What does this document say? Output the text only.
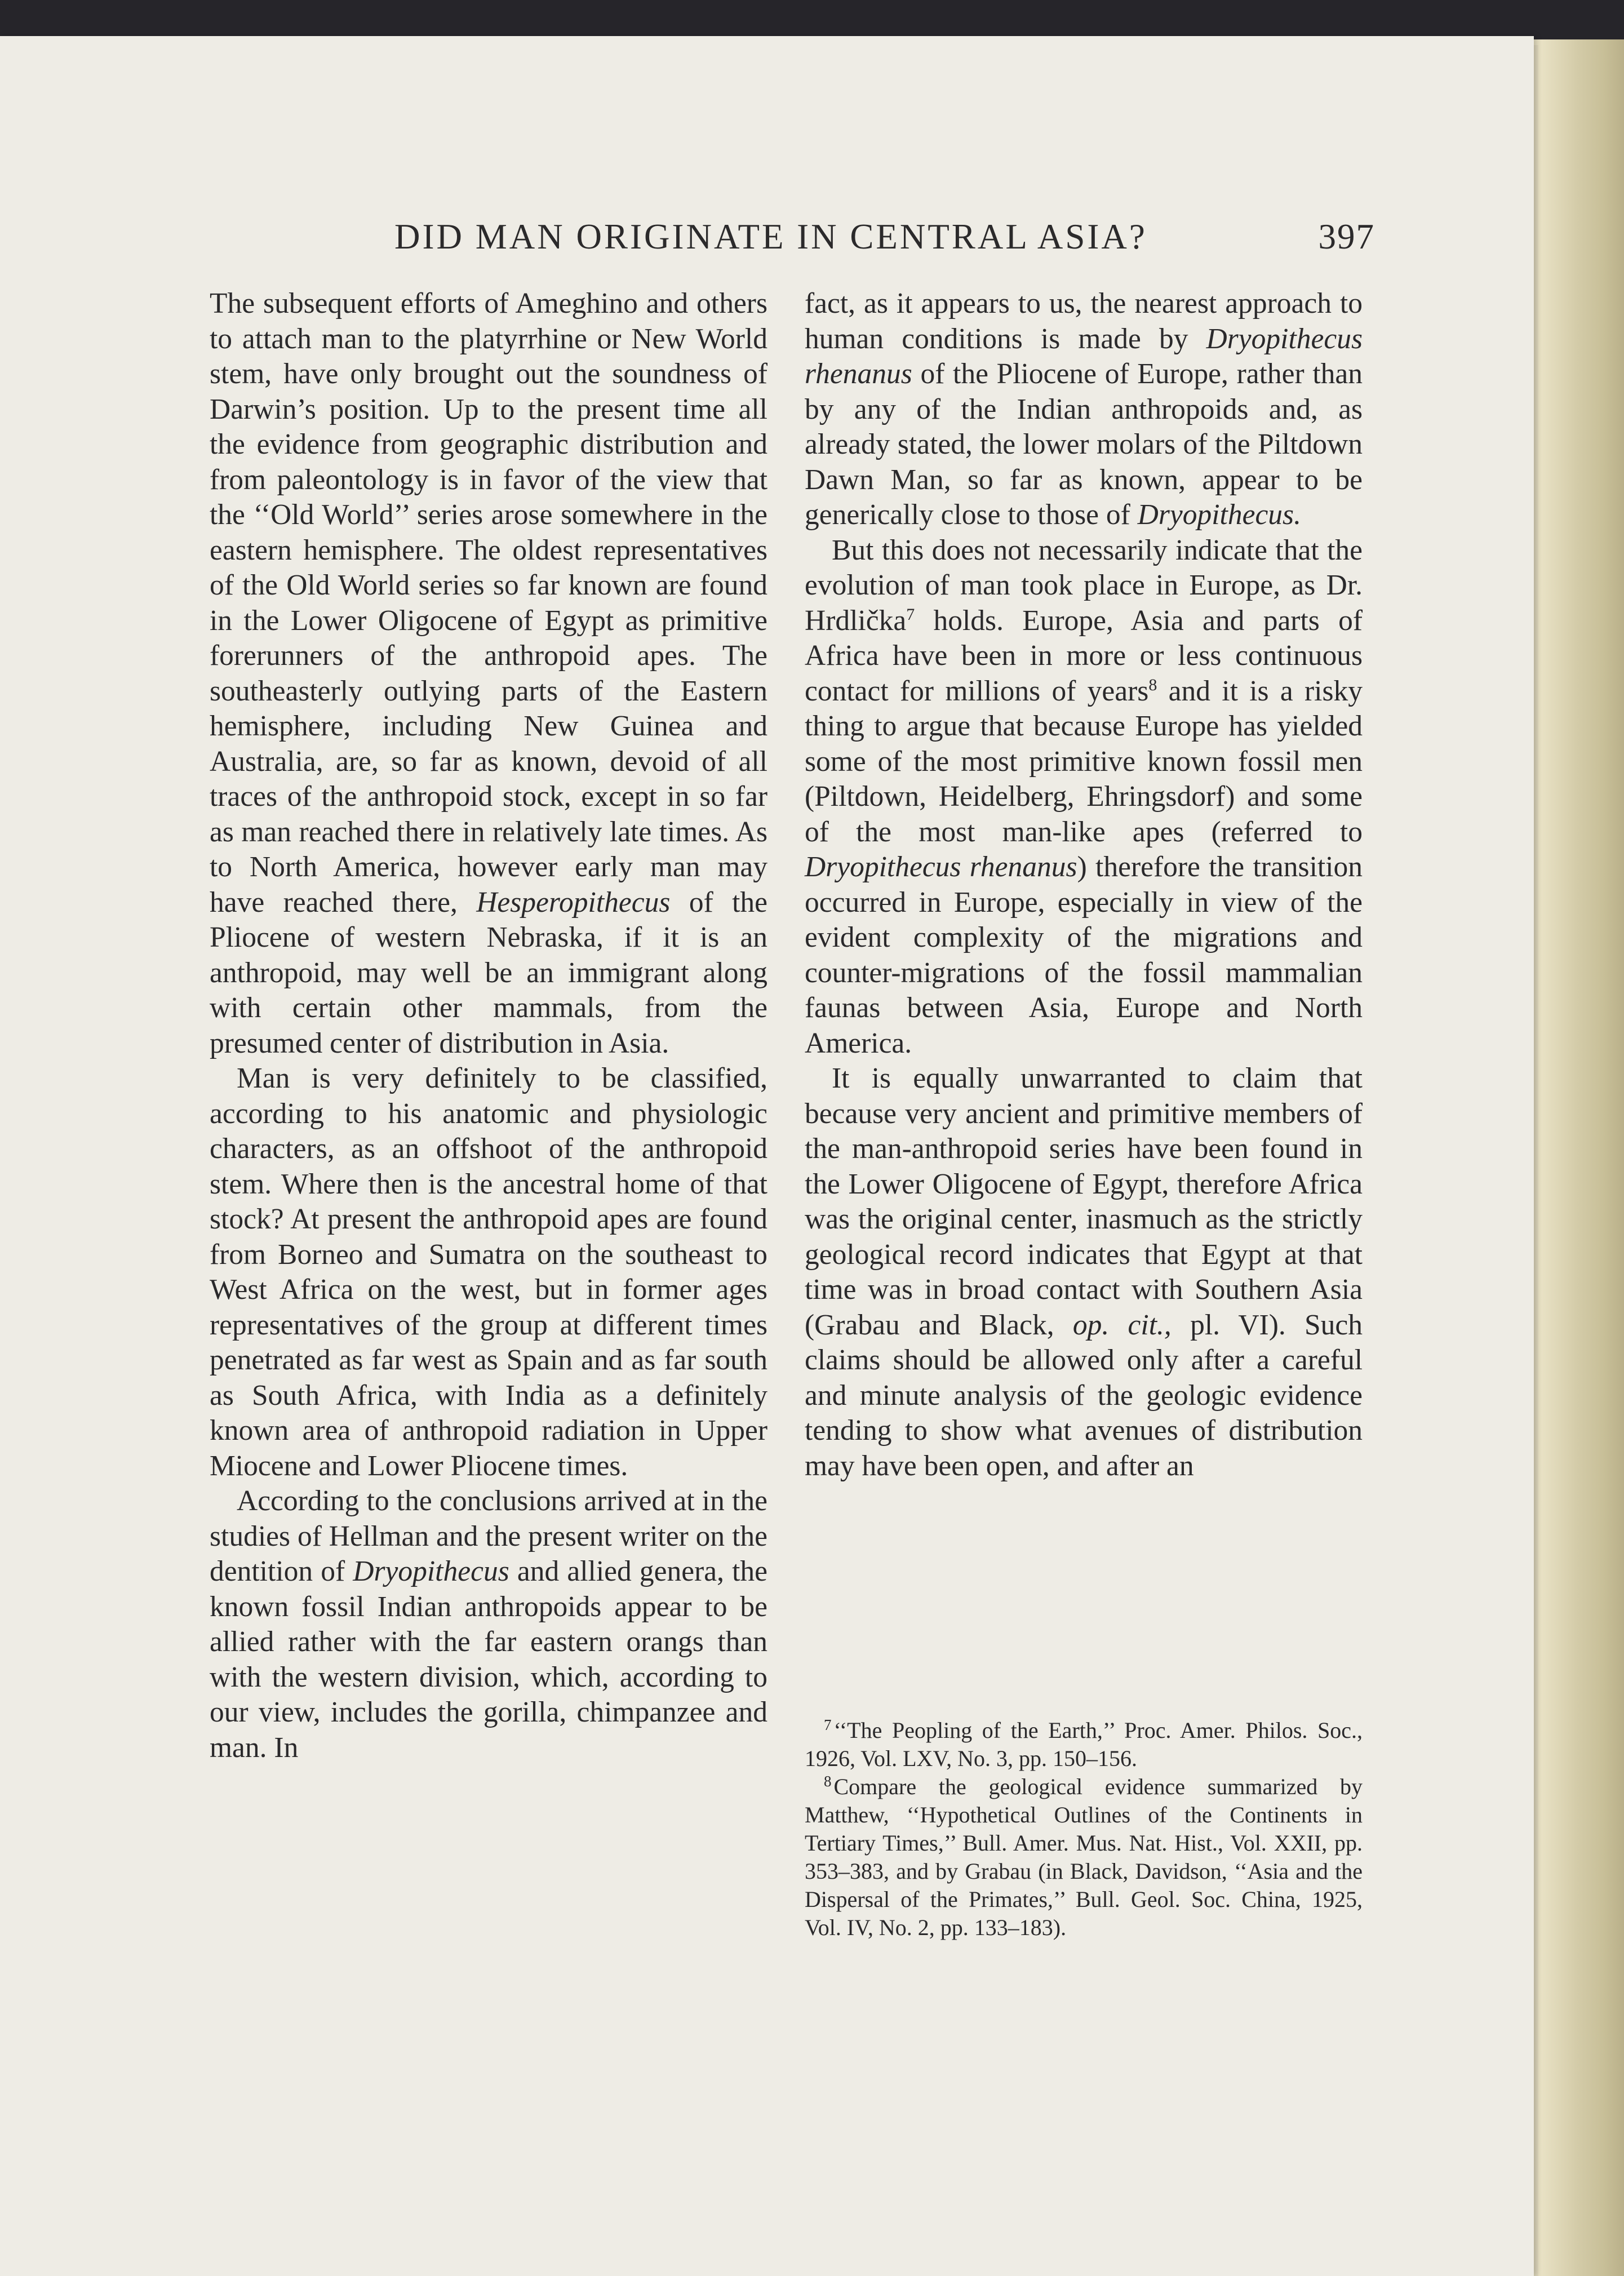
DID MAN ORIGINATE IN CENTRAL ASIA?	397

The subsequent efforts of Ameghino and others to attach man to the platyrrhine or New World stem, have only brought out the soundness of Darwin’s position. Up to the present time all the evidence from geographic distribution and from paleontology is in favor of the view that the ‘‘Old World’’ series arose somewhere in the eastern hemisphere. The oldest representatives of the Old World series so far known are found in the Lower Oligocene of Egypt as primitive forerunners of the anthropoid apes. The southeasterly outlying parts of the Eastern hemisphere, including New Guinea and Australia, are, so far as known, devoid of all traces of the anthropoid stock, except in so far as man reached there in relatively late times. As to North America, however early man may have reached there, Hesperopithecus of the Pliocene of western Nebraska, if it is an anthropoid, may well be an immigrant along with certain other mammals, from the presumed center of distribution in Asia.

Man is very definitely to be classified, according to his anatomic and physiologic characters, as an offshoot of the anthropoid stem. Where then is the ancestral home of that stock? At present the anthropoid apes are found from Borneo and Sumatra on the southeast to West Africa on the west, but in former ages representatives of the group at different times penetrated as far west as Spain and as far south as South Africa, with India as a definitely known area of anthropoid radiation in Upper Miocene and Lower Pliocene times.

According to the conclusions arrived at in the studies of Hellman and the present writer on the dentition of Dryopithecus and allied genera, the known fossil Indian anthropoids appear to be allied rather with the far eastern orangs than with the western division, which, according to our view, includes the gorilla, chimpanzee and man. In

fact, as it appears to us, the nearest approach to human conditions is made by Dryopithecus rhenanus of the Pliocene of Europe, rather than by any of the Indian anthropoids and, as already stated, the lower molars of the Piltdown Dawn Man, so far as known, appear to be generically close to those of Dryopithecus.

But this does not necessarily indicate that the evolution of man took place in Europe, as Dr. Hrdlička$^7$ holds. Europe, Asia and parts of Africa have been in more or less continuous contact for millions of years$^8$ and it is a risky thing to argue that because Europe has yielded some of the most primitive known fossil men (Piltdown, Heidelberg, Ehringsdorf) and some of the most man-like apes (referred to Dryopithecus rhenanus) therefore the transition occurred in Europe, especially in view of the evident complexity of the migrations and counter-migrations of the fossil mammalian faunas between Asia, Europe and North America.

It is equally unwarranted to claim that because very ancient and primitive members of the man-anthropoid series have been found in the Lower Oligocene of Egypt, therefore Africa was the original center, inasmuch as the strictly geological record indicates that Egypt at that time was in broad contact with Southern Asia (Grabau and Black, op. cit., pl. VI). Such claims should be allowed only after a careful and minute analysis of the geologic evidence tending to show what avenues of distribution may have been open, and after an

$^7$ ‘‘The Peopling of the Earth,’’ Proc. Amer. Philos. Soc., 1926, Vol. LXV, No. 3, pp. 150–156.

$^8$ Compare the geological evidence summarized by Matthew, ‘‘Hypothetical Outlines of the Continents in Tertiary Times,’’ Bull. Amer. Mus. Nat. Hist., Vol. XXII, pp. 353–383, and by Grabau (in Black, Davidson, ‘‘Asia and the Dispersal of the Primates,’’ Bull. Geol. Soc. China, 1925, Vol. IV, No. 2, pp. 133–183).
